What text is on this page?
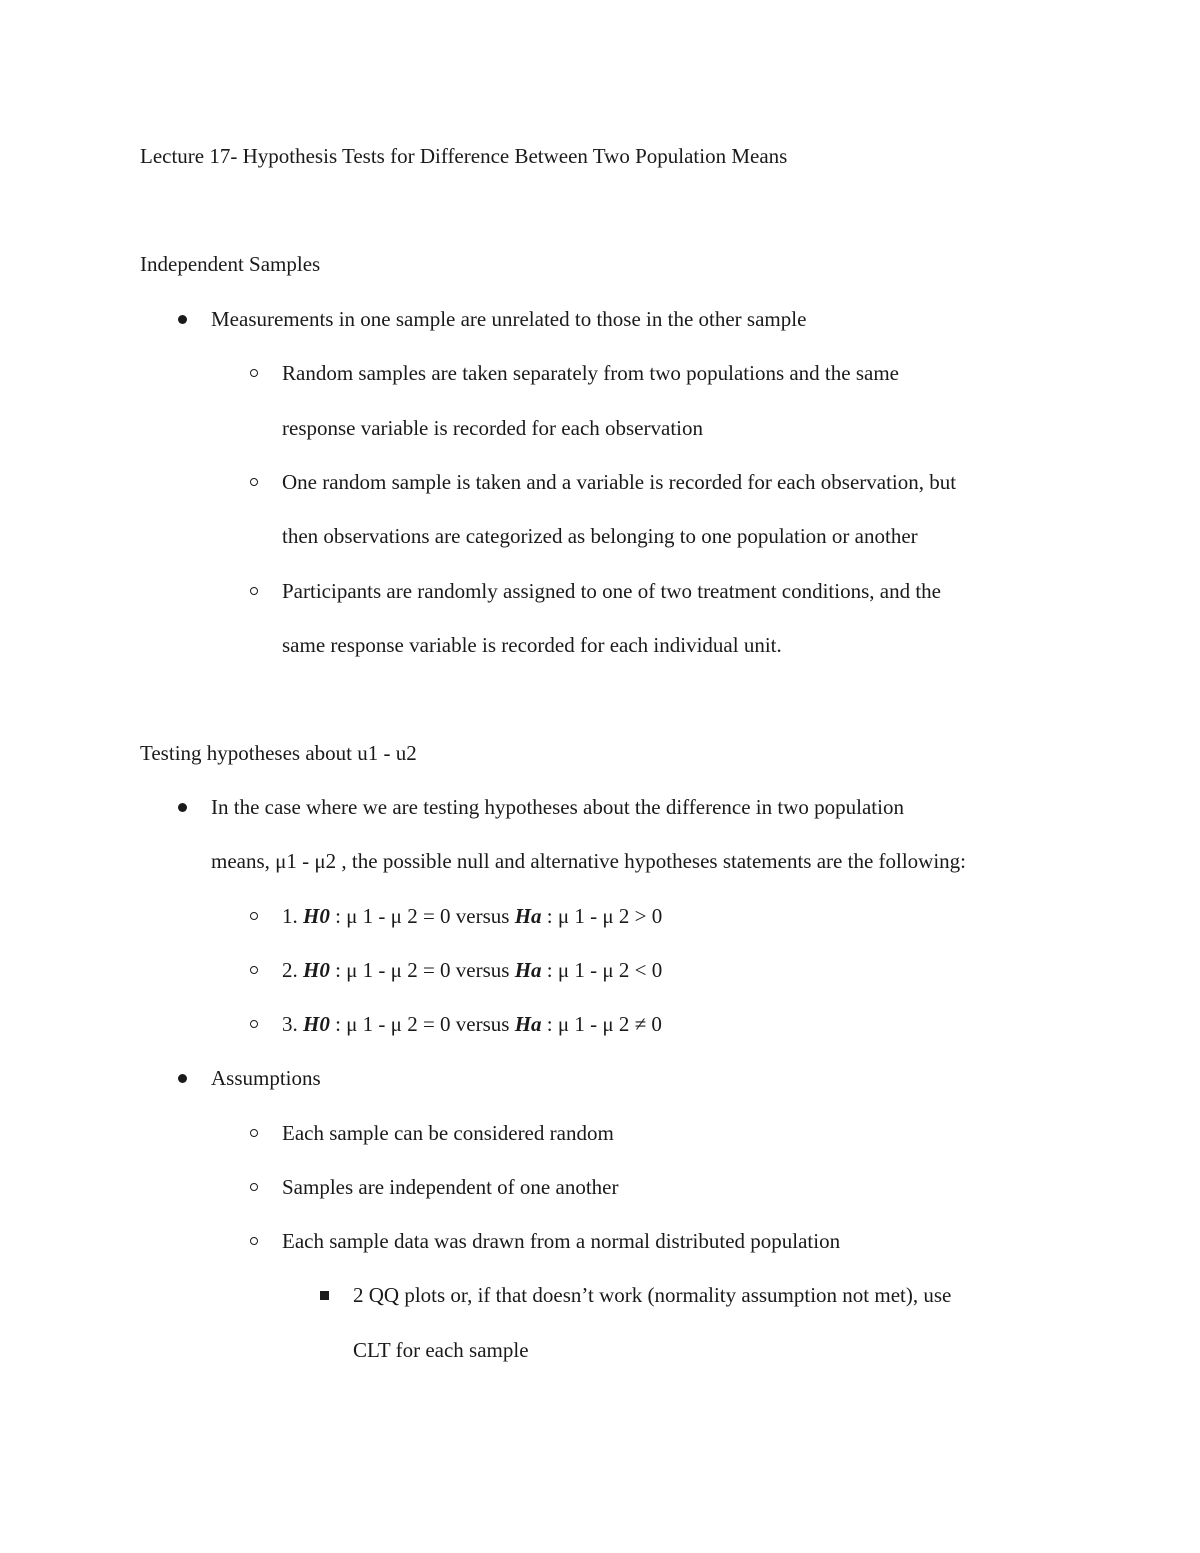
Lecture 17- Hypothesis Tests for Difference Between Two Population Means
Independent Samples
Measurements in one sample are unrelated to those in the other sample
Random samples are taken separately from two populations and the same
response variable is recorded for each observation
One random sample is taken and a variable is recorded for each observation, but
then observations are categorized as belonging to one population or another
Participants are randomly assigned to one of two treatment conditions, and the
same response variable is recorded for each individual unit.
Testing hypotheses about u1 - u2
In the case where we are testing hypotheses about the difference in two population
means, μ1 - μ2 , the possible null and alternative hypotheses statements are the following:
1. H0 : μ 1 - μ 2 = 0 versus Ha : μ 1 - μ 2 > 0
2. H0 : μ 1 - μ 2 = 0 versus Ha : μ 1 - μ 2 < 0
3. H0 : μ 1 - μ 2 = 0 versus Ha : μ 1 - μ 2 ≠ 0
Assumptions
Each sample can be considered random
Samples are independent of one another
Each sample data was drawn from a normal distributed population
2 QQ plots or, if that doesn’t work (normality assumption not met), use
CLT for each sample
